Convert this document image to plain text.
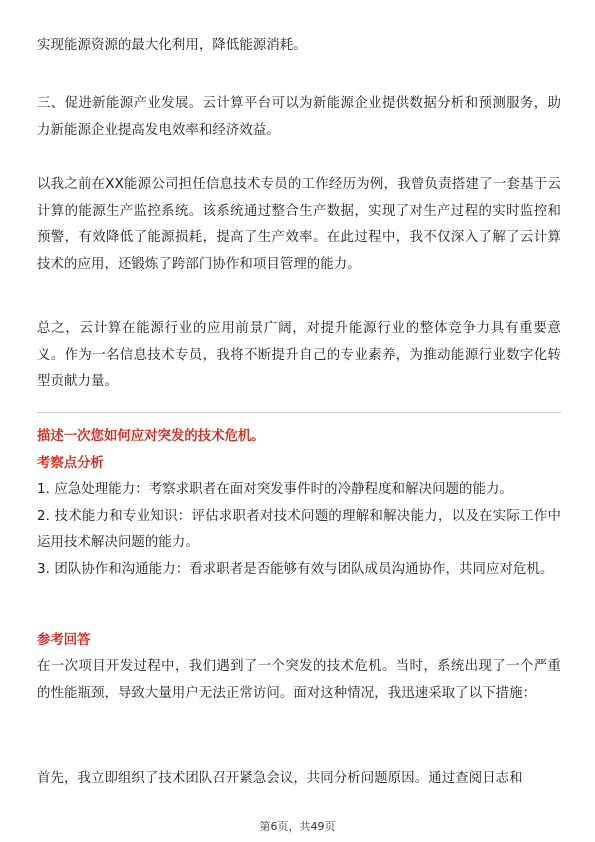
实现能源资源的最大化利用，降低能源消耗。

三、促进新能源产业发展。云计算平台可以为新能源企业提供数据分析和预测服务，助力新能源企业提高发电效率和经济效益。

以我之前在XX能源公司担任信息技术专员的工作经历为例，我曾负责搭建了一套基于云计算的能源生产监控系统。该系统通过整合生产数据，实现了对生产过程的实时监控和预警，有效降低了能源损耗，提高了生产效率。在此过程中，我不仅深入了解了云计算技术的应用，还锻炼了跨部门协作和项目管理的能力。

总之，云计算在能源行业的应用前景广阔，对提升能源行业的整体竞争力具有重要意义。作为一名信息技术专员，我将不断提升自己的专业素养，为推动能源行业数字化转型贡献力量。

描述一次您如何应对突发的技术危机。

考察点分析

1. 应急处理能力：考察求职者在面对突发事件时的冷静程度和解决问题的能力。

2. 技术能力和专业知识：评估求职者对技术问题的理解和解决能力，以及在实际工作中运用技术解决问题的能力。

3. 团队协作和沟通能力：看求职者是否能够有效与团队成员沟通协作，共同应对危机。

参考回答

在一次项目开发过程中，我们遇到了一个突发的技术危机。当时，系统出现了一个严重的性能瓶颈，导致大量用户无法正常访问。面对这种情况，我迅速采取了以下措施：

首先，我立即组织了技术团队召开紧急会议，共同分析问题原因。通过查阅日志和

第6页，共49页
